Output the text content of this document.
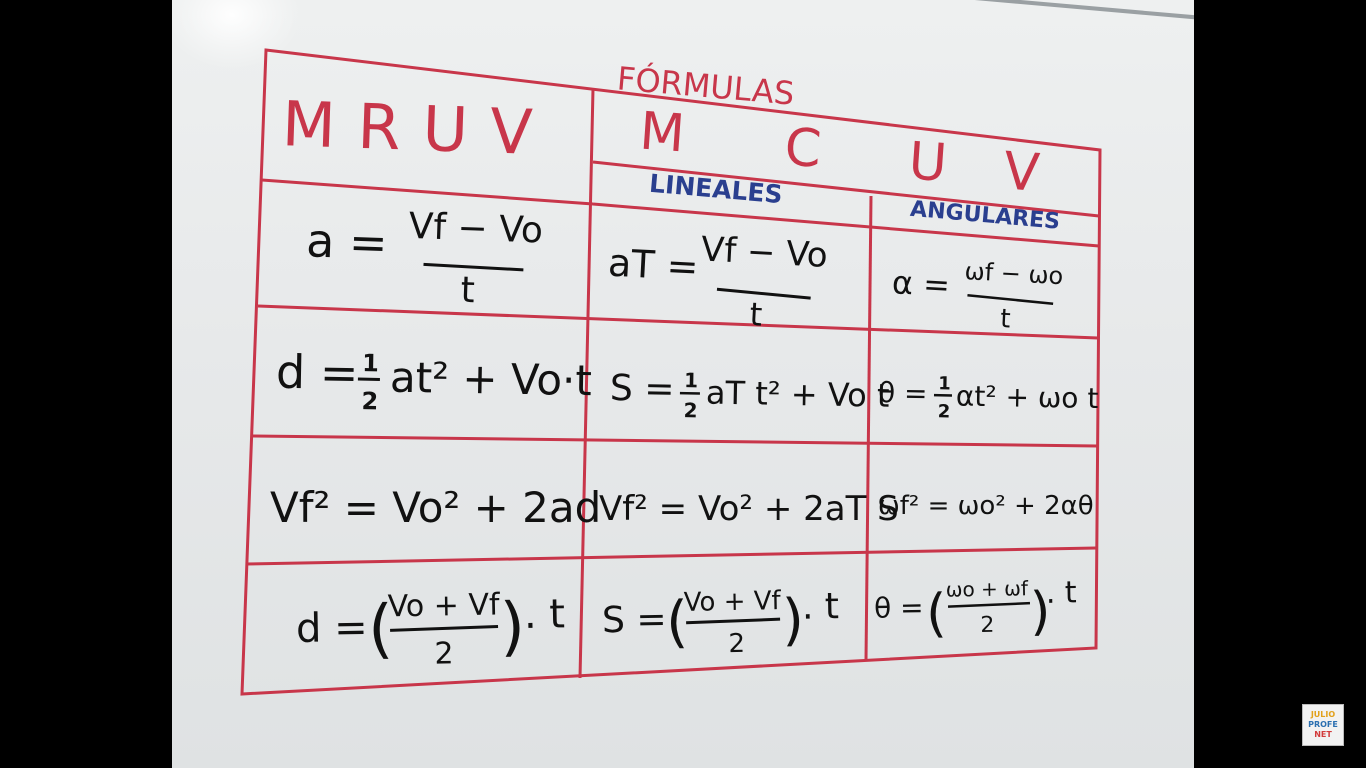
FÓRMULAS
MRUV M C U V
LINEALES
ANGULARES
a = Vf − Vo
t
aT = Vf − Vo
t
α = ωf − ωo
t
d = 1
2 at² + Vo·t S = 1
2 aT t² + Vo t
θ = 1
2 αt² + ωo t
Vf² = Vo² + 2ad
Vf² = Vo² + 2aT S
ωf² = ωo² + 2αθ
d = (
Vo + Vf
2 )
. t S =
(
Vo + Vf
2 )
. t θ = (
ωo + ωf
2 )
. t
JULIO
PROFE
NET
